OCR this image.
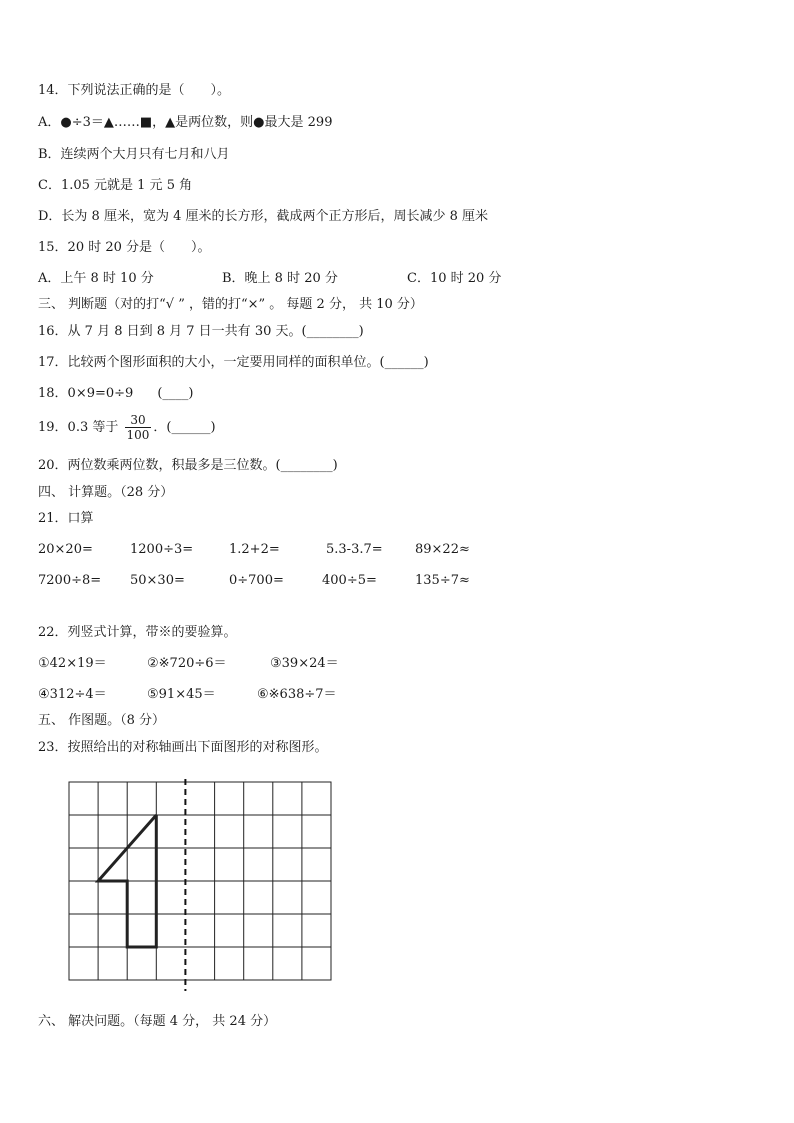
14．下列说法正确的是（　　）。
A．●÷3＝▲……■，▲是两位数，则●最大是 299
B．连续两个大月只有七月和八月
C．1.05 元就是 1 元 5 角
D．长为 8 厘米，宽为 4 厘米的长方形，截成两个正方形后，周长减少 8 厘米
15．20 时 20 分是（　　）。
A．上午 8 时 10 分	B．晚上 8 时 20 分	C．10 时 20 分
三、 判断题（对的打“√ ” ，错的打“×” 。 每题 2 分， 共 10 分）
16．从 7 月 8 日到 8 月 7 日一共有 30 天。(________)
17．比较两个图形面积的大小，一定要用同样的面积单位。(______)
18．0×9=0÷9 (____)
19．0.3 等于 $\frac{30}{100}$ ．(______)
20．两位数乘两位数，积最多是三位数。(________)
四、 计算题。（28 分）
21．口算
20×20=	1200÷3=	1.2+2=	5.3-3.7= 89×22≈
7200÷8= 50×30=	0÷700=	400÷5=	135÷7≈
22．列竖式计算，带※的要验算。
①42×19＝	②※720÷6＝	③39×24＝
④312÷4＝	⑤91×45＝	⑥※638÷7＝
五、 作图题。（8 分）
23．按照给出的对称轴画出下面图形的对称图形。
六、 解决问题。（每题 4 分， 共 24 分）
